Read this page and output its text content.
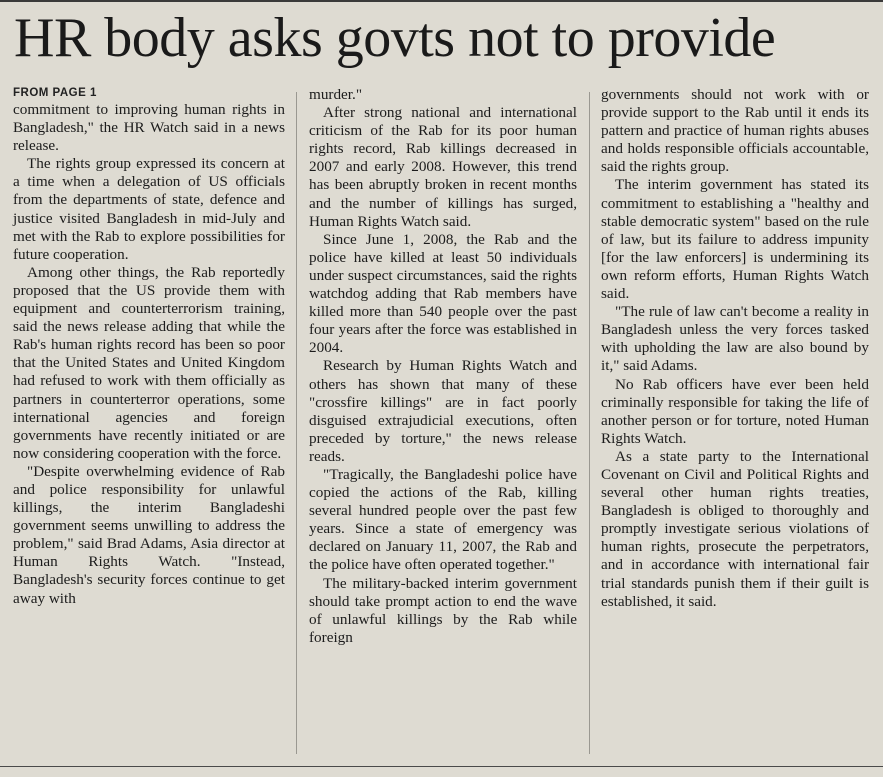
HR body asks govts not to provide
FROM PAGE 1

commitment to improving human rights in Bangladesh," the HR Watch said in a news release.

The rights group expressed its concern at a time when a delegation of US officials from the departments of state, defence and justice visited Bangladesh in mid-July and met with the Rab to explore possibilities for future cooperation.

Among other things, the Rab reportedly proposed that the US provide them with equipment and counterterrorism training, said the news release adding that while the Rab's human rights record has been so poor that the United States and United Kingdom had refused to work with them officially as partners in counterterror operations, some international agencies and foreign governments have recently initiated or are now considering cooperation with the force.

"Despite overwhelming evidence of Rab and police responsibility for unlawful killings, the interim Bangladeshi government seems unwilling to address the problem," said Brad Adams, Asia director at Human Rights Watch. "Instead, Bangladesh's security forces continue to get away with

murder."

After strong national and international criticism of the Rab for its poor human rights record, Rab killings decreased in 2007 and early 2008. However, this trend has been abruptly broken in recent months and the number of killings has surged, Human Rights Watch said.

Since June 1, 2008, the Rab and the police have killed at least 50 individuals under suspect circumstances, said the rights watchdog adding that Rab members have killed more than 540 people over the past four years after the force was established in 2004.

Research by Human Rights Watch and others has shown that many of these "crossfire killings" are in fact poorly disguised extrajudicial executions, often preceded by torture," the news release reads.

"Tragically, the Bangladeshi police have copied the actions of the Rab, killing several hundred people over the past few years. Since a state of emergency was declared on January 11, 2007, the Rab and the police have often operated together."

The military-backed interim government should take prompt action to end the wave of unlawful killings by the Rab while foreign

governments should not work with or provide support to the Rab until it ends its pattern and practice of human rights abuses and holds responsible officials accountable, said the rights group.

The interim government has stated its commitment to establishing a "healthy and stable democratic system" based on the rule of law, but its failure to address impunity [for the law enforcers] is undermining its own reform efforts, Human Rights Watch said.

"The rule of law can't become a reality in Bangladesh unless the very forces tasked with upholding the law are also bound by it," said Adams.

No Rab officers have ever been held criminally responsible for taking the life of another person or for torture, noted Human Rights Watch.

As a state party to the International Covenant on Civil and Political Rights and several other human rights treaties, Bangladesh is obliged to thoroughly and promptly investigate serious violations of human rights, prosecute the perpetrators, and in accordance with international fair trial standards punish them if their guilt is established, it said.
